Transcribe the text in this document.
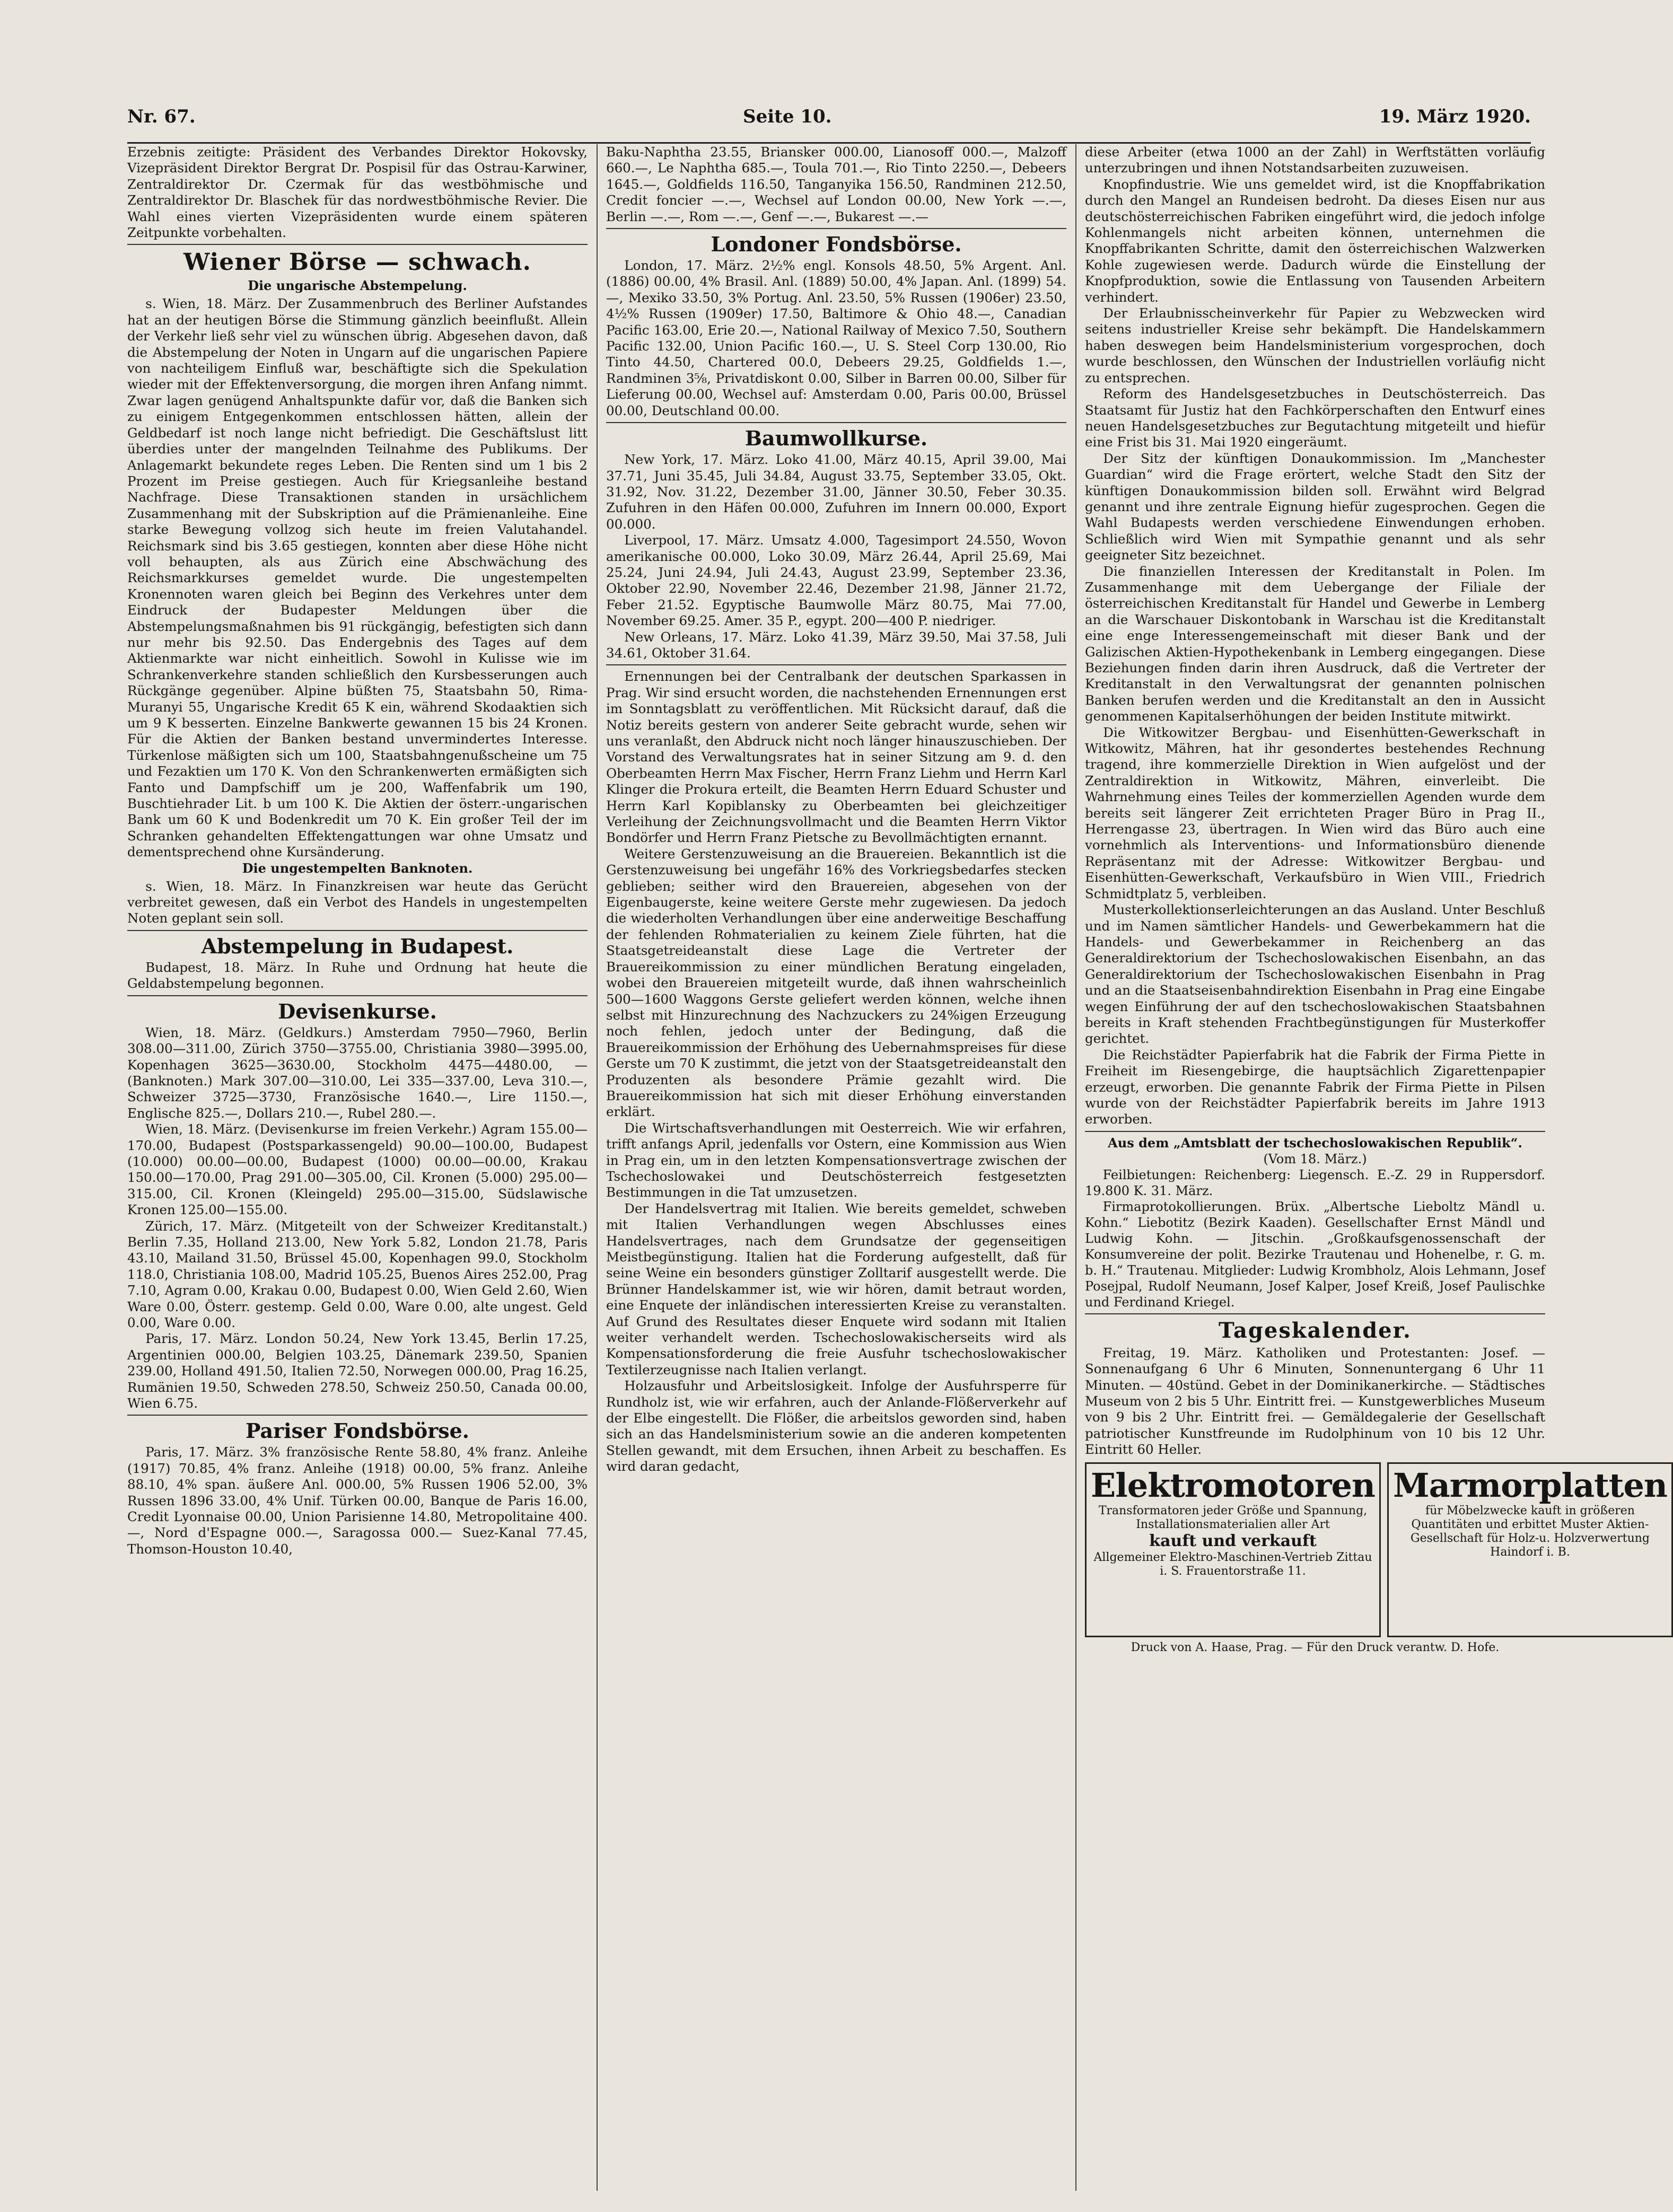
Nr. 67.	Seite 10.	19. März 1920.

Erzebnis zeitigte: Präsident des Verbandes Direktor Hokovsky, Vizepräsident Direktor Bergrat Dr. Pospisil für das Ostrau-Karwiner, Zentraldirektor Dr. Czermak für das westböhmische und Zentraldirektor Dr. Blaschek für das nordwestböhmische Revier. Die Wahl eines vierten Vizepräsidenten wurde einem späteren Zeitpunkte vorbehalten.

Wiener Börse — schwach.
Die ungarische Abstempelung.

s. Wien, 18. März. Der Zusammenbruch des Berliner Aufstandes hat an der heutigen Börse die Stimmung gänzlich beeinflußt. Allein der Verkehr ließ sehr viel zu wünschen übrig. Abgesehen davon, daß die Abstempelung der Noten in Ungarn auf die ungarischen Papiere von nachteiligem Einfluß war, beschäftigte sich die Spekulation wieder mit der Effektenversorgung, die morgen ihren Anfang nimmt. Zwar lagen genügend Anhaltspunkte dafür vor, daß die Banken sich zu einigem Entgegenkommen entschlossen hätten, allein der Geldbedarf ist noch lange nicht befriedigt. Die Geschäftslust litt überdies unter der mangelnden Teilnahme des Publikums. Der Anlagemarkt bekundete reges Leben. Die Renten sind um 1 bis 2 Prozent im Preise gestiegen. Auch für Kriegsanleihe bestand Nachfrage. Diese Transaktionen standen in ursächlichem Zusammenhang mit der Subskription auf die Prämienanleihe. Eine starke Bewegung vollzog sich heute im freien Valutahandel. Reichsmark sind bis 3.65 gestiegen, konnten aber diese Höhe nicht voll behaupten, als aus Zürich eine Abschwächung des Reichsmarkkurses gemeldet wurde. Die ungestempelten Kronennoten waren gleich bei Beginn des Verkehres unter dem Eindruck der Budapester Meldungen über die Abstempelungsmaßnahmen bis 91 rückgängig, befestigten sich dann nur mehr bis 92.50. Das Endergebnis des Tages auf dem Aktienmarkte war nicht einheitlich. Sowohl in Kulisse wie im Schrankenverkehre standen schließlich den Kursbesserungen auch Rückgänge gegenüber. Alpine büßten 75, Staatsbahn 50, Rima-Muranyi 55, Ungarische Kredit 65 K ein, während Skodaaktien sich um 9 K besserten. Einzelne Bankwerte gewannen 15 bis 24 Kronen. Für die Aktien der Banken bestand unvermindertes Interesse. Türkenlose mäßigten sich um 100, Staatsbahngenußscheine um 75 und Fezaktien um 170 K. Von den Schrankenwerten ermäßigten sich Fanto und Dampfschiff um je 200, Waffenfabrik um 190, Buschtiehrader Lit. b um 100 K. Die Aktien der österr.-ungarischen Bank um 60 K und Bodenkredit um 70 K. Ein großer Teil der im Schranken gehandelten Effektengattungen war ohne Umsatz und dementsprechend ohne Kursänderung.

Die ungestempelten Banknoten.

s. Wien, 18. März. In Finanzkreisen war heute das Gerücht verbreitet gewesen, daß ein Verbot des Handels in ungestempelten Noten geplant sein soll.

Abstempelung in Budapest.

Budapest, 18. März. In Ruhe und Ordnung hat heute die Geldabstempelung begonnen.

Devisenkurse.

Wien, 18. März. (Geldkurs.) Amsterdam 7950—7960, Berlin 308.00—311.00, Zürich 3750—3755.00, Christiania 3980—3995.00, Kopenhagen 3625—3630.00, Stockholm 4475—4480.00, — (Banknoten.) Mark 307.00—310.00, Lei 335—337.00, Leva 310.—, Schweizer 3725—3730, Französische 1640.—, Lire 1150.—, Englische 825.—, Dollars 210.—, Rubel 280.—.

Wien, 18. März. (Devisenkurse im freien Verkehr.) Agram 155.00—170.00, Budapest (Postsparkassengeld) 90.00—100.00, Budapest (10.000) 00.00—00.00, Budapest (1000) 00.00—00.00, Krakau 150.00—170.00, Prag 291.00—305.00, Cil. Kronen (5.000) 295.00—315.00, Cil. Kronen (Kleingeld) 295.00—315.00, Südslawische Kronen 125.00—155.00.

Zürich, 17. März. (Mitgeteilt von der Schweizer Kreditanstalt.) Berlin 7.35, Holland 213.00, New York 5.82, London 21.78, Paris 43.10, Mailand 31.50, Brüssel 45.00, Kopenhagen 99.0, Stockholm 118.0, Christiania 108.00, Madrid 105.25, Buenos Aires 252.00, Prag 7.10, Agram 0.00, Krakau 0.00, Budapest 0.00, Wien Geld 2.60, Wien Ware 0.00, Österr. gestemp. Geld 0.00, Ware 0.00, alte ungest. Geld 0.00, Ware 0.00.

Paris, 17. März. London 50.24, New York 13.45, Berlin 17.25, Argentinien 000.00, Belgien 103.25, Dänemark 239.50, Spanien 239.00, Holland 491.50, Italien 72.50, Norwegen 000.00, Prag 16.25, Rumänien 19.50, Schweden 278.50, Schweiz 250.50, Canada 00.00, Wien 6.75.

Pariser Fondsbörse.

Paris, 17. März. 3% französische Rente 58.80, 4% franz. Anleihe (1917) 70.85, 4% franz. Anleihe (1918) 00.00, 5% franz. Anleihe 88.10, 4% span. äußere Anl. 000.00, 5% Russen 1906 52.00, 3% Russen 1896 33.00, 4% Unif. Türken 00.00, Banque de Paris 16.00, Credit Lyonnaise 00.00, Union Parisienne 14.80, Metropolitaine 400.—, Nord d'Espagne 000.—, Saragossa 000.— Suez-Kanal 77.45, Thomson-Houston 10.40,

Baku-Naphtha 23.55, Briansker 000.00, Lianosoff 000.—, Malzoff 660.—, Le Naphtha 685.—, Toula 701.—, Rio Tinto 2250.—, Debeers 1645.—, Goldfields 116.50, Tanganyika 156.50, Randminen 212.50, Credit foncier —.—, Wechsel auf London 00.00, New York —.—, Berlin —.—, Rom —.—, Genf —.—, Bukarest —.—

Londoner Fondsbörse.

London, 17. März. 2½% engl. Konsols 48.50, 5% Argent. Anl. (1886) 00.00, 4% Brasil. Anl. (1889) 50.00, 4% Japan. Anl. (1899) 54.—, Mexiko 33.50, 3% Portug. Anl. 23.50, 5% Russen (1906er) 23.50, 4½% Russen (1909er) 17.50, Baltimore & Ohio 48.—, Canadian Pacific 163.00, Erie 20.—, National Railway of Mexico 7.50, Southern Pacific 132.00, Union Pacific 160.—, U. S. Steel Corp 130.00, Rio Tinto 44.50, Chartered 00.0, Debeers 29.25, Goldfields 1.—, Randminen 3⅝, Privatdiskont 0.00, Silber in Barren 00.00, Silber für Lieferung 00.00, Wechsel auf: Amsterdam 0.00, Paris 00.00, Brüssel 00.00, Deutschland 00.00.

Baumwollkurse.

New York, 17. März. Loko 41.00, März 40.15, April 39.00, Mai 37.71, Juni 35.45, Juli 34.84, August 33.75, September 33.05, Okt. 31.92, Nov. 31.22, Dezember 31.00, Jänner 30.50, Feber 30.35. Zufuhren in den Häfen 00.000, Zufuhren im Innern 00.000, Export 00.000.

Liverpool, 17. März. Umsatz 4.000, Tagesimport 24.550, Wovon amerikanische 00.000, Loko 30.09, März 26.44, April 25.69, Mai 25.24, Juni 24.94, Juli 24.43, August 23.99, September 23.36, Oktober 22.90, November 22.46, Dezember 21.98, Jänner 21.72, Feber 21.52. Egyptische Baumwolle März 80.75, Mai 77.00, November 69.25. Amer. 35 P., egypt. 200—400 P. niedriger.

New Orleans, 17. März. Loko 41.39, März 39.50, Mai 37.58, Juli 34.61, Oktober 31.64.

Ernennungen bei der Centralbank der deutschen Sparkassen in Prag. Wir sind ersucht worden, die nachstehenden Ernennungen erst im Sonntagsblatt zu veröffentlichen. Mit Rücksicht darauf, daß die Notiz bereits gestern von anderer Seite gebracht wurde, sehen wir uns veranlaßt, den Abdruck nicht noch länger hinauszuschieben. Der Vorstand des Verwaltungsrates hat in seiner Sitzung am 9. d. den Oberbeamten Herrn Max Fischer, Herrn Franz Liehm und Herrn Karl Klinger die Prokura erteilt, die Beamten Herrn Eduard Schuster und Herrn Karl Kopiblansky zu Oberbeamten bei gleichzeitiger Verleihung der Zeichnungsvollmacht und die Beamten Herrn Viktor Bondörfer und Herrn Franz Pietsche zu Bevollmächtigten ernannt.

Weitere Gerstenzuweisung an die Brauereien. Bekanntlich ist die Gerstenzuweisung bei ungefähr 16% des Vorkriegsbedarfes stecken geblieben; seither wird den Brauereien, abgesehen von der Eigenbaugerste, keine weitere Gerste mehr zugewiesen. Da jedoch die wiederholten Verhandlungen über eine anderweitige Beschaffung der fehlenden Rohmaterialien zu keinem Ziele führten, hat die Staatsgetreideanstalt diese Lage die Vertreter der Brauereikommission zu einer mündlichen Beratung eingeladen, wobei den Brauereien mitgeteilt wurde, daß ihnen wahrscheinlich 500—1600 Waggons Gerste geliefert werden können, welche ihnen selbst mit Hinzurechnung des Nachzuckers zu 24%igen Erzeugung noch fehlen, jedoch unter der Bedingung, daß die Brauereikommission der Erhöhung des Uebernahmspreises für diese Gerste um 70 K zustimmt, die jetzt von der Staatsgetreideanstalt den Produzenten als besondere Prämie gezahlt wird. Die Brauereikommission hat sich mit dieser Erhöhung einverstanden erklärt.

Die Wirtschaftsverhandlungen mit Oesterreich. Wie wir erfahren, trifft anfangs April, jedenfalls vor Ostern, eine Kommission aus Wien in Prag ein, um in den letzten Kompensationsvertrage zwischen der Tschechoslowakei und Deutschösterreich festgesetzten Bestimmungen in die Tat umzusetzen.

Der Handelsvertrag mit Italien. Wie bereits gemeldet, schweben mit Italien Verhandlungen wegen Abschlusses eines Handelsvertrages, nach dem Grundsatze der gegenseitigen Meistbegünstigung. Italien hat die Forderung aufgestellt, daß für seine Weine ein besonders günstiger Zolltarif ausgestellt werde. Die Brünner Handelskammer ist, wie wir hören, damit betraut worden, eine Enquete der inländischen interessierten Kreise zu veranstalten. Auf Grund des Resultates dieser Enquete wird sodann mit Italien weiter verhandelt werden. Tschechoslowakischerseits wird als Kompensationsforderung die freie Ausfuhr tschechoslowakischer Textilerzeugnisse nach Italien verlangt.

Holzausfuhr und Arbeitslosigkeit. Infolge der Ausfuhrsperre für Rundholz ist, wie wir erfahren, auch der Anlande-Flößerverkehr auf der Elbe eingestellt. Die Flößer, die arbeitslos geworden sind, haben sich an das Handelsministerium sowie an die anderen kompetenten Stellen gewandt, mit dem Ersuchen, ihnen Arbeit zu beschaffen. Es wird daran gedacht,

diese Arbeiter (etwa 1000 an der Zahl) in Werftstätten vorläufig unterzubringen und ihnen Notstandsarbeiten zuzuweisen.

Knopfindustrie. Wie uns gemeldet wird, ist die Knopffabrikation durch den Mangel an Rundeisen bedroht. Da dieses Eisen nur aus deutschösterreichischen Fabriken eingeführt wird, die jedoch infolge Kohlenmangels nicht arbeiten können, unternehmen die Knopffabrikanten Schritte, damit den österreichischen Walzwerken Kohle zugewiesen werde. Dadurch würde die Einstellung der Knopfproduktion, sowie die Entlassung von Tausenden Arbeitern verhindert.

Der Erlaubnisscheinverkehr für Papier zu Webzwecken wird seitens industrieller Kreise sehr bekämpft. Die Handelskammern haben deswegen beim Handelsministerium vorgesprochen, doch wurde beschlossen, den Wünschen der Industriellen vorläufig nicht zu entsprechen.

Reform des Handelsgesetzbuches in Deutschösterreich. Das Staatsamt für Justiz hat den Fachkörperschaften den Entwurf eines neuen Handelsgesetzbuches zur Begutachtung mitgeteilt und hiefür eine Frist bis 31. Mai 1920 eingeräumt.

Der Sitz der künftigen Donaukommission. Im „Manchester Guardian“ wird die Frage erörtert, welche Stadt den Sitz der künftigen Donaukommission bilden soll. Erwähnt wird Belgrad genannt und ihre zentrale Eignung hiefür zugesprochen. Gegen die Wahl Budapests werden verschiedene Einwendungen erhoben. Schließlich wird Wien mit Sympathie genannt und als sehr geeigneter Sitz bezeichnet.

Die finanziellen Interessen der Kreditanstalt in Polen. Im Zusammenhange mit dem Uebergange der Filiale der österreichischen Kreditanstalt für Handel und Gewerbe in Lemberg an die Warschauer Diskontobank in Warschau ist die Kreditanstalt eine enge Interessengemeinschaft mit dieser Bank und der Galizischen Aktien-Hypothekenbank in Lemberg eingegangen. Diese Beziehungen finden darin ihren Ausdruck, daß die Vertreter der Kreditanstalt in den Verwaltungsrat der genannten polnischen Banken berufen werden und die Kreditanstalt an den in Aussicht genommenen Kapitalserhöhungen der beiden Institute mitwirkt.

Die Witkowitzer Bergbau- und Eisenhütten-Gewerkschaft in Witkowitz, Mähren, hat ihr gesondertes bestehendes Rechnung tragend, ihre kommerzielle Direktion in Wien aufgelöst und der Zentraldirektion in Witkowitz, Mähren, einverleibt. Die Wahrnehmung eines Teiles der kommerziellen Agenden wurde dem bereits seit längerer Zeit errichteten Prager Büro in Prag II., Herrengasse 23, übertragen. In Wien wird das Büro auch eine vornehmlich als Interventions- und Informationsbüro dienende Repräsentanz mit der Adresse: Witkowitzer Bergbau- und Eisenhütten-Gewerkschaft, Verkaufsbüro in Wien VIII., Friedrich Schmidtplatz 5, verbleiben.

Musterkollektionserleichterungen an das Ausland. Unter Beschluß und im Namen sämtlicher Handels- und Gewerbekammern hat die Handels- und Gewerbekammer in Reichenberg an das Generaldirektorium der Tschechoslowakischen Eisenbahn, an das Generaldirektorium der Tschechoslowakischen Eisenbahn in Prag und an die Staatseisenbahndirektion Eisenbahn in Prag eine Eingabe wegen Einführung der auf den tschechoslowakischen Staatsbahnen bereits in Kraft stehenden Frachtbegünstigungen für Musterkoffer gerichtet.

Die Reichstädter Papierfabrik hat die Fabrik der Firma Piette in Freiheit im Riesengebirge, die hauptsächlich Zigarettenpapier erzeugt, erworben. Die genannte Fabrik der Firma Piette in Pilsen wurde von der Reichstädter Papierfabrik bereits im Jahre 1913 erworben.

Aus dem „Amtsblatt der tschechoslowakischen Republik“.

(Vom 18. März.)

Feilbietungen: Reichenberg: Liegensch. E.-Z. 29 in Ruppersdorf. 19.800 K. 31. März.

Firmaprotokollierungen. Brüx. „Albertsche Lieboltz Mändl u. Kohn.“ Liebotitz (Bezirk Kaaden). Gesellschafter Ernst Mändl und Ludwig Kohn. — Jitschin. „Großkaufsgenossenschaft der Konsumvereine der polit. Bezirke Trautenau und Hohenelbe, r. G. m. b. H.“ Trautenau. Mitglieder: Ludwig Krombholz, Alois Lehmann, Josef Posejpal, Rudolf Neumann, Josef Kalper, Josef Kreiß, Josef Paulischke und Ferdinand Kriegel.

Tageskalender.

Freitag, 19. März. Katholiken und Protestanten: Josef. — Sonnenaufgang 6 Uhr 6 Minuten, Sonnenuntergang 6 Uhr 11 Minuten. — 40stünd. Gebet in der Dominikanerkirche. — Städtisches Museum von 2 bis 5 Uhr. Eintritt frei. — Kunstgewerbliches Museum von 9 bis 2 Uhr. Eintritt frei. — Gemäldegalerie der Gesellschaft patriotischer Kunstfreunde im Rudolphinum von 10 bis 12 Uhr. Eintritt 60 Heller.

Elektromotoren
Transformatoren jeder Größe und Spannung,
Installationsmaterialien aller Art
kauft und verkauft
Allgemeiner Elektro-Maschinen-Vertrieb Zittau i. S. Frauentorstraße 11.
Marmorplatten
für Möbelzwecke kauft in größeren Quantitäten und erbittet Muster Aktien-Gesellschaft für Holz-u. Holzverwertung Haindorf i. B.
Druck von A. Haase, Prag. — Für den Druck verantw. D. Hofe.
